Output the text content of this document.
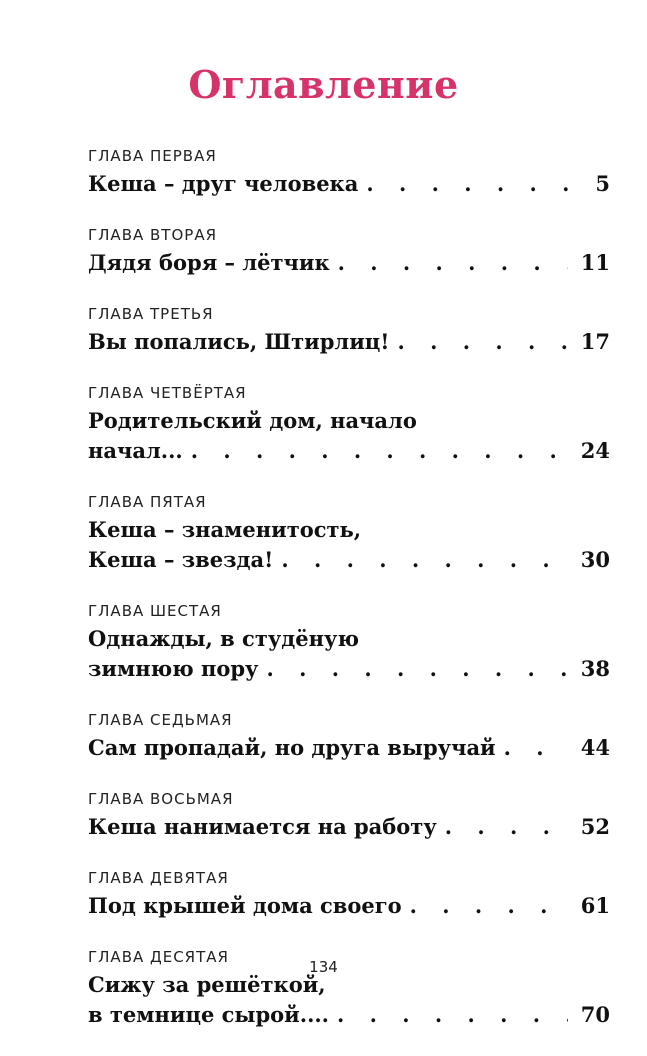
Оглавление
ГЛАВА ПЕРВАЯ
Кеша – друг человека . . .	5
ГЛАВА ВТОРАЯ
Дядя боря – лётчик . . .	11
ГЛАВА ТРЕТЬЯ
Вы попались, Штирлиц! . . .	17
ГЛАВА ЧЕТВЁРТАЯ
Родительский дом, начало
начал... . . .	24
ГЛАВА ПЯТАЯ
Кеша – знаменитость,
Кеша – звезда! . . .	30
ГЛАВА ШЕСТАЯ
Однажды, в студёную
зимнюю пору . . .	38
ГЛАВА СЕДЬМАЯ
Сам пропадай, но друга выручай . . .	44
ГЛАВА ВОСЬМАЯ
Кеша нанимается на работу . . .	52
ГЛАВА ДЕВЯТАЯ
Под крышей дома своего . . .	61
ГЛАВА ДЕСЯТАЯ
Сижу за решёткой,
в темнице сырой.... . . .	70
134
